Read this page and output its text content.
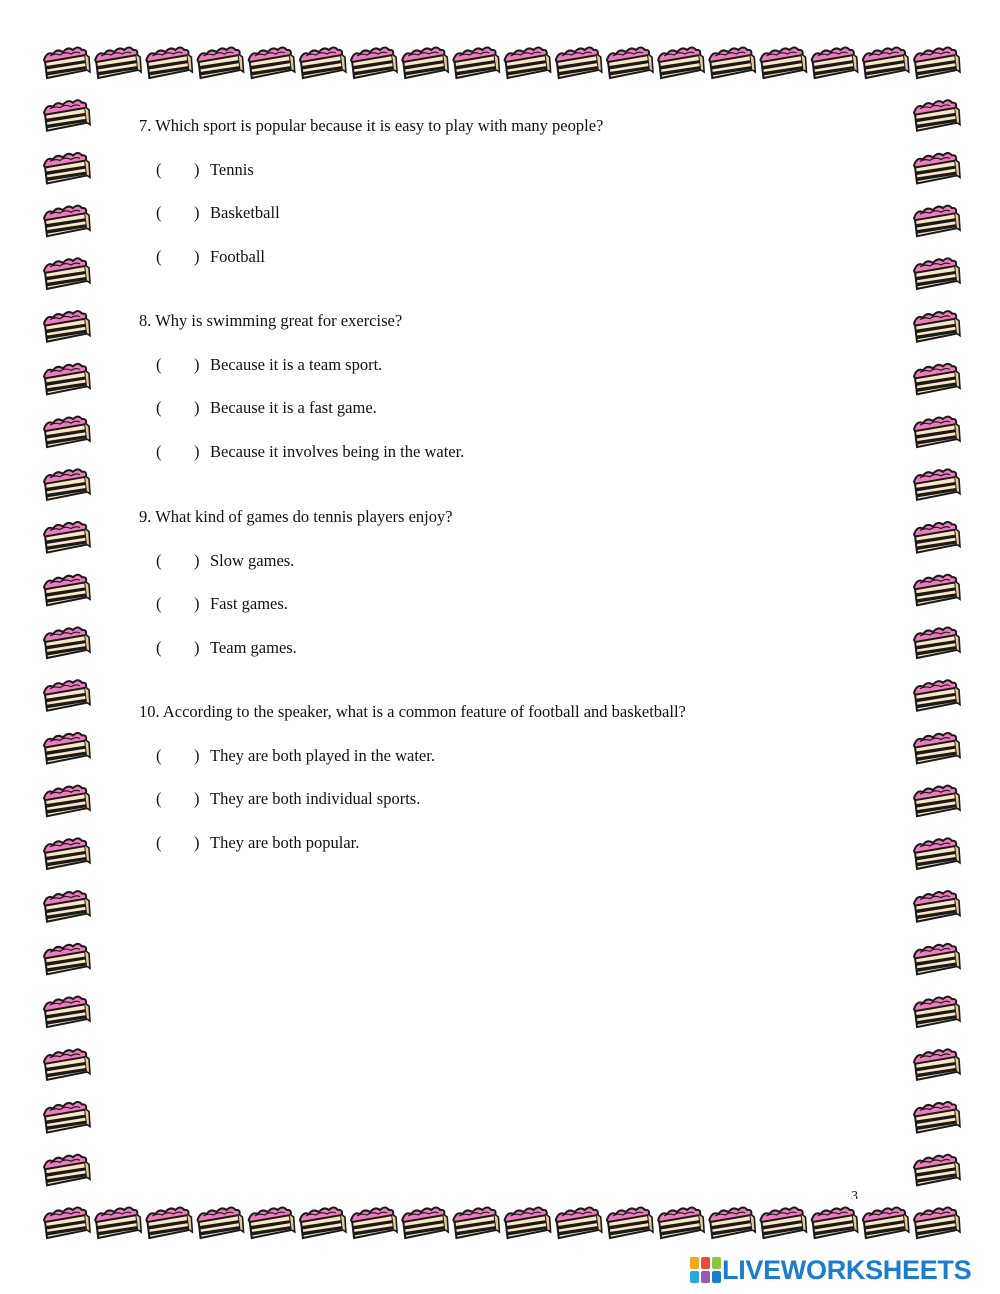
7. Which sport is popular because it is easy to play with many people?
( ) Tennis
( ) Basketball
( ) Football
8. Why is swimming great for exercise?
( ) Because it is a team sport.
( ) Because it is a fast game.
( ) Because it involves being in the water.
9. What kind of games do tennis players enjoy?
( ) Slow games.
( ) Fast games.
( ) Team games.
10. According to the speaker, what is a common feature of football and basketball?
( ) They are both played in the water.
( ) They are both individual sports.
( ) They are both popular.
3
LIVEWORKSHEETS
